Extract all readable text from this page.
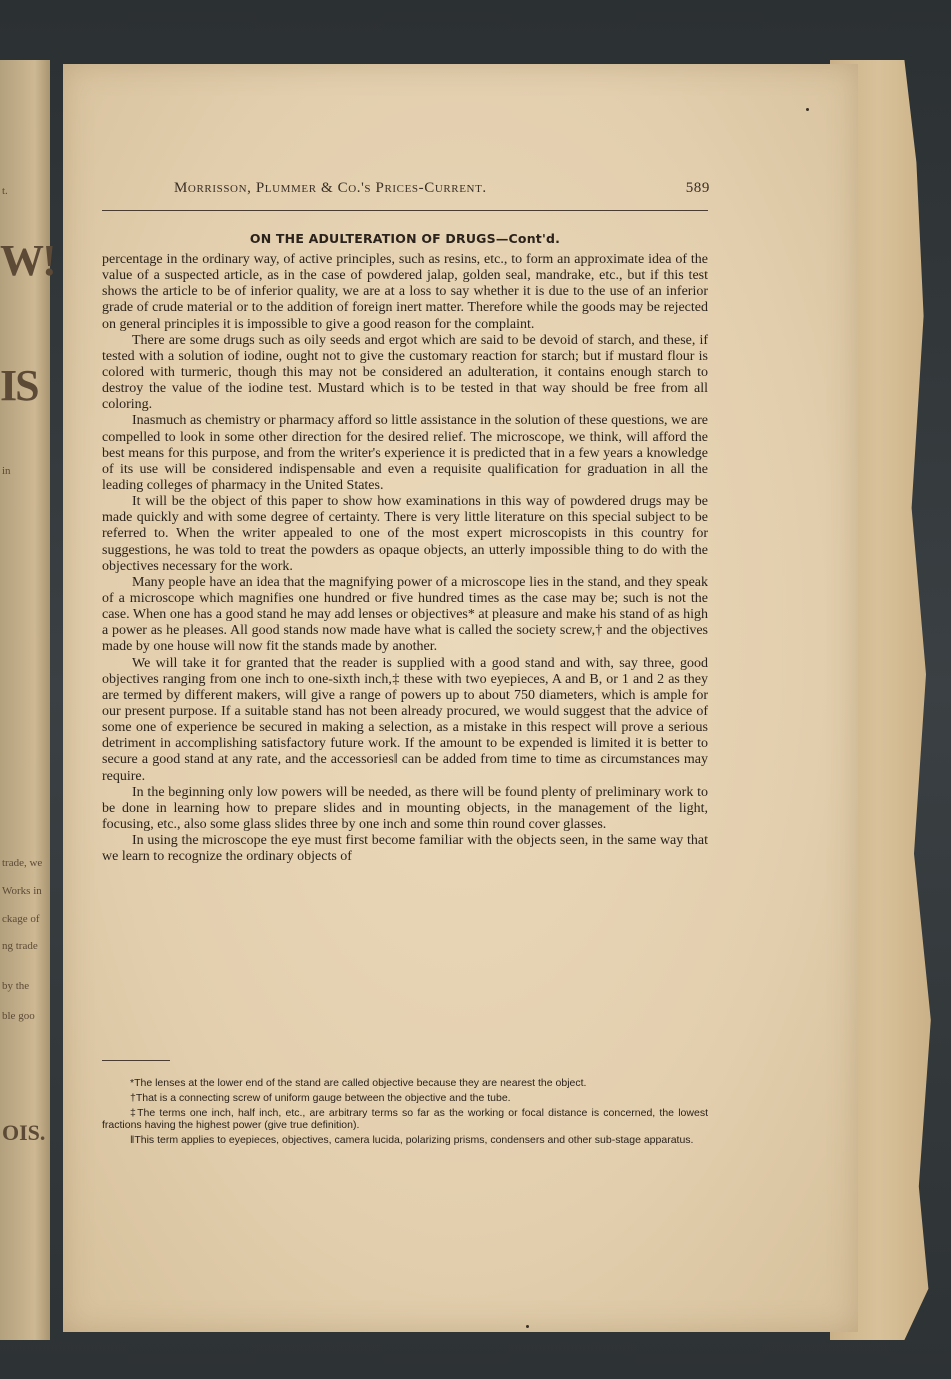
t.
W!
IS
in
trade, we
Works in
ckage of
ng trade
by the
ble goo
OIS.
Morrisson, Plummer & Co.'s Prices-Current.	589
ON THE ADULTERATION OF DRUGS—Cont'd.

percentage in the ordinary way, of active principles, such as resins, etc., to form an approximate idea of the value of a suspected article, as in the case of powdered jalap, golden seal, mandrake, etc., but if this test shows the article to be of inferior quality, we are at a loss to say whether it is due to the use of an inferior grade of crude material or to the addition of foreign inert matter. Therefore while the goods may be rejected on general principles it is impossible to give a good reason for the complaint.

There are some drugs such as oily seeds and ergot which are said to be devoid of starch, and these, if tested with a solution of iodine, ought not to give the customary reaction for starch; but if mustard flour is colored with turmeric, though this may not be considered an adulteration, it contains enough starch to destroy the value of the iodine test. Mustard which is to be tested in that way should be free from all coloring.

Inasmuch as chemistry or pharmacy afford so little assistance in the solution of these questions, we are compelled to look in some other direction for the desired relief. The microscope, we think, will afford the best means for this purpose, and from the writer's experience it is predicted that in a few years a knowledge of its use will be considered indispensable and even a requisite qualification for graduation in all the leading colleges of pharmacy in the United States.

It will be the object of this paper to show how examinations in this way of powdered drugs may be made quickly and with some degree of certainty. There is very little literature on this special subject to be referred to. When the writer appealed to one of the most expert microscopists in this country for suggestions, he was told to treat the powders as opaque objects, an utterly impossible thing to do with the objectives necessary for the work.

Many people have an idea that the magnifying power of a microscope lies in the stand, and they speak of a microscope which magnifies one hundred or five hundred times as the case may be; such is not the case. When one has a good stand he may add lenses or objectives* at pleasure and make his stand of as high a power as he pleases. All good stands now made have what is called the society screw,† and the objectives made by one house will now fit the stands made by another.

We will take it for granted that the reader is supplied with a good stand and with, say three, good objectives ranging from one inch to one-sixth inch,‡ these with two eyepieces, A and B, or 1 and 2 as they are termed by different makers, will give a range of powers up to about 750 diameters, which is ample for our present purpose. If a suitable stand has not been already procured, we would suggest that the advice of some one of experience be secured in making a selection, as a mistake in this respect will prove a serious detriment in accomplishing satisfactory future work. If the amount to be expended is limited it is better to secure a good stand at any rate, and the accessories‖ can be added from time to time as circumstances may require.

In the beginning only low powers will be needed, as there will be found plenty of preliminary work to be done in learning how to prepare slides and in mounting objects, in the management of the light, focusing, etc., also some glass slides three by one inch and some thin round cover glasses.

In using the microscope the eye must first become familiar with the objects seen, in the same way that we learn to recognize the ordinary objects of

*The lenses at the lower end of the stand are called objective because they are nearest the object.

†That is a connecting screw of uniform gauge between the objective and the tube.

‡The terms one inch, half inch, etc., are arbitrary terms so far as the working or focal distance is concerned, the lowest fractions having the highest power (give true definition).

‖This term applies to eyepieces, objectives, camera lucida, polarizing prisms, condensers and other sub-stage apparatus.
